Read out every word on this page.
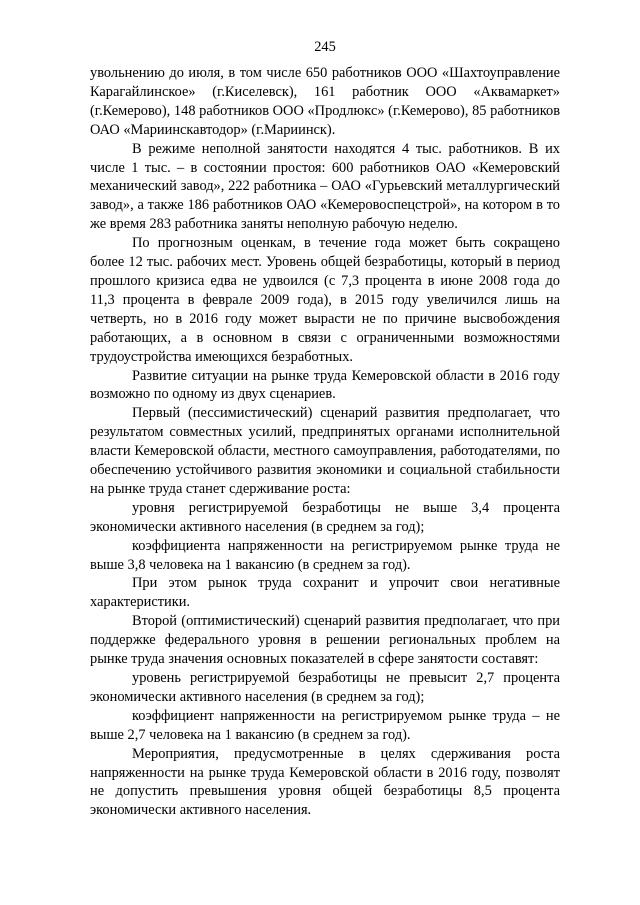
245

увольнению до июля, в том числе 650 работников ООО «Шахтоуправление Карагайлинское» (г.Киселевск), 161 работник ООО «Аквамаркет» (г.Кемерово), 148 работников ООО «Продлюкс» (г.Кемерово), 85 работников ОАО «Мариинскавтодор» (г.Мариинск).

В режиме неполной занятости находятся 4 тыс. работников. В их числе 1 тыс. – в состоянии простоя: 600 работников ОАО «Кемеровский механический завод», 222 работника – ОАО «Гурьевский металлургический завод», а также 186 работников ОАО «Кемеровоспецстрой», на котором в то же время 283 работника заняты неполную рабочую неделю.

По прогнозным оценкам, в течение года может быть сокращено более 12 тыс. рабочих мест. Уровень общей безработицы, который в период прошлого кризиса едва не удвоился (с 7,3 процента в июне 2008 года до 11,3 процента в феврале 2009 года), в 2015 году увеличился лишь на четверть, но в 2016 году может вырасти не по причине высвобождения работающих, а в основном в связи с ограниченными возможностями трудоустройства имеющихся безработных.

Развитие ситуации на рынке труда Кемеровской области в 2016 году возможно по одному из двух сценариев.

Первый (пессимистический) сценарий развития предполагает, что результатом совместных усилий, предпринятых органами исполнительной власти Кемеровской области, местного самоуправления, работодателями, по обеспечению устойчивого развития экономики и социальной стабильности на рынке труда станет сдерживание роста:

уровня регистрируемой безработицы не выше 3,4 процента экономически активного населения (в среднем за год);

коэффициента напряженности на регистрируемом рынке труда не выше 3,8 человека на 1 вакансию (в среднем за год).

При этом рынок труда сохранит и упрочит свои негативные характеристики.

Второй (оптимистический) сценарий развития предполагает, что при поддержке федерального уровня в решении региональных проблем на рынке труда значения основных показателей в сфере занятости составят:

уровень регистрируемой безработицы не превысит 2,7 процента экономически активного населения (в среднем за год);

коэффициент напряженности на регистрируемом рынке труда – не выше 2,7 человека на 1 вакансию (в среднем за год).

Мероприятия, предусмотренные в целях сдерживания роста напряженности на рынке труда Кемеровской области в 2016 году, позволят не допустить превышения уровня общей безработицы 8,5 процента экономически активного населения.
